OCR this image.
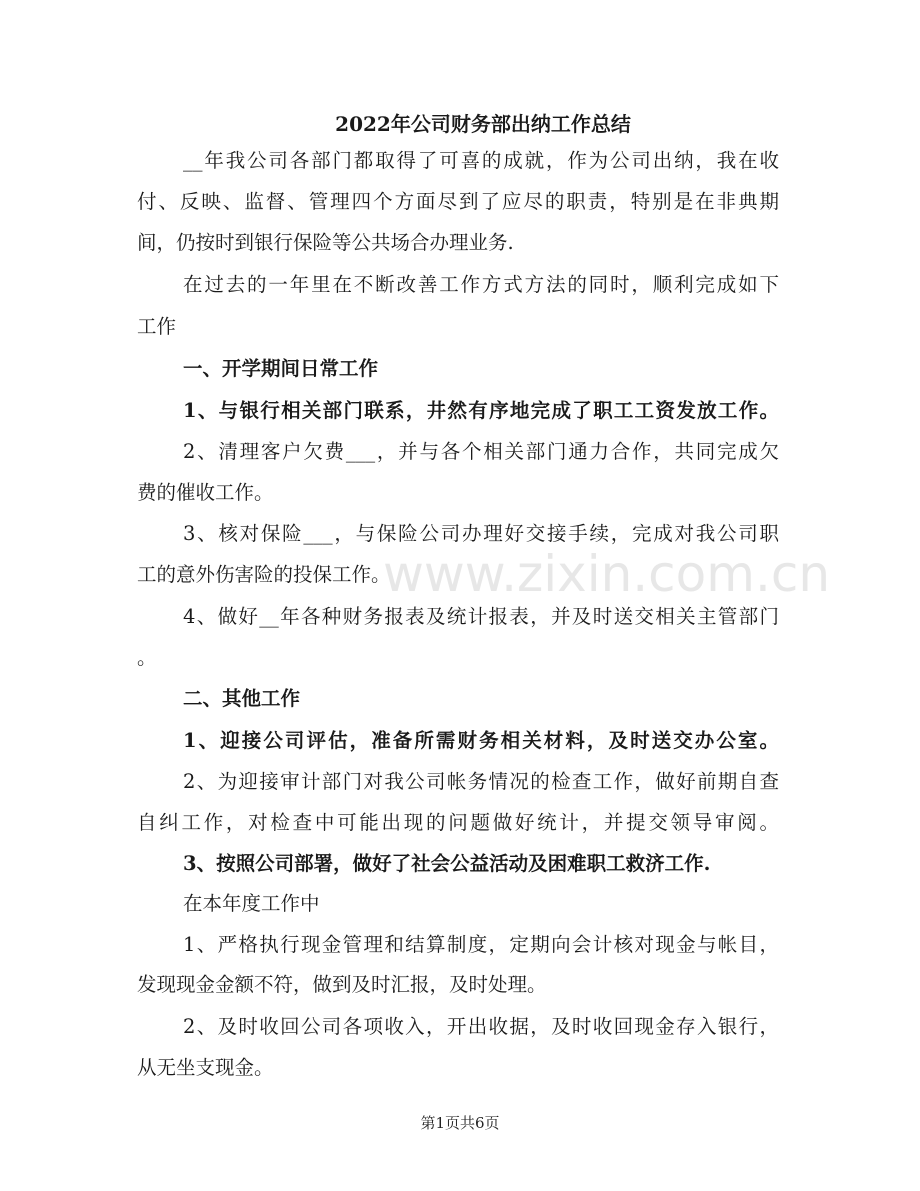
2022年公司财务部出纳工作总结
__年我公司各部门都取得了可喜的成就，作为公司出纳，我在收
付、反映、监督、管理四个方面尽到了应尽的职责，特别是在非典期
间，仍按时到银行保险等公共场合办理业务.
在过去的一年里在不断改善工作方式方法的同时，顺利完成如下
工作
一、开学期间日常工作
1、与银行相关部门联系，井然有序地完成了职工工资发放工作。
2、清理客户欠费___，并与各个相关部门通力合作，共同完成欠
费的催收工作。
3、核对保险___，与保险公司办理好交接手续，完成对我公司职
工的意外伤害险的投保工作。
4、做好__年各种财务报表及统计报表，并及时送交相关主管部门
。
二、其他工作
1、迎接公司评估，准备所需财务相关材料，及时送交办公室。
2、为迎接审计部门对我公司帐务情况的检查工作，做好前期自查
自纠工作，对检查中可能出现的问题做好统计，并提交领导审阅。
3、按照公司部署，做好了社会公益活动及困难职工救济工作.
在本年度工作中
1、严格执行现金管理和结算制度，定期向会计核对现金与帐目，
发现现金金额不符，做到及时汇报，及时处理。
2、及时收回公司各项收入，开出收据，及时收回现金存入银行，
从无坐支现金。
www.zixin.com.cn
第1页共6页
